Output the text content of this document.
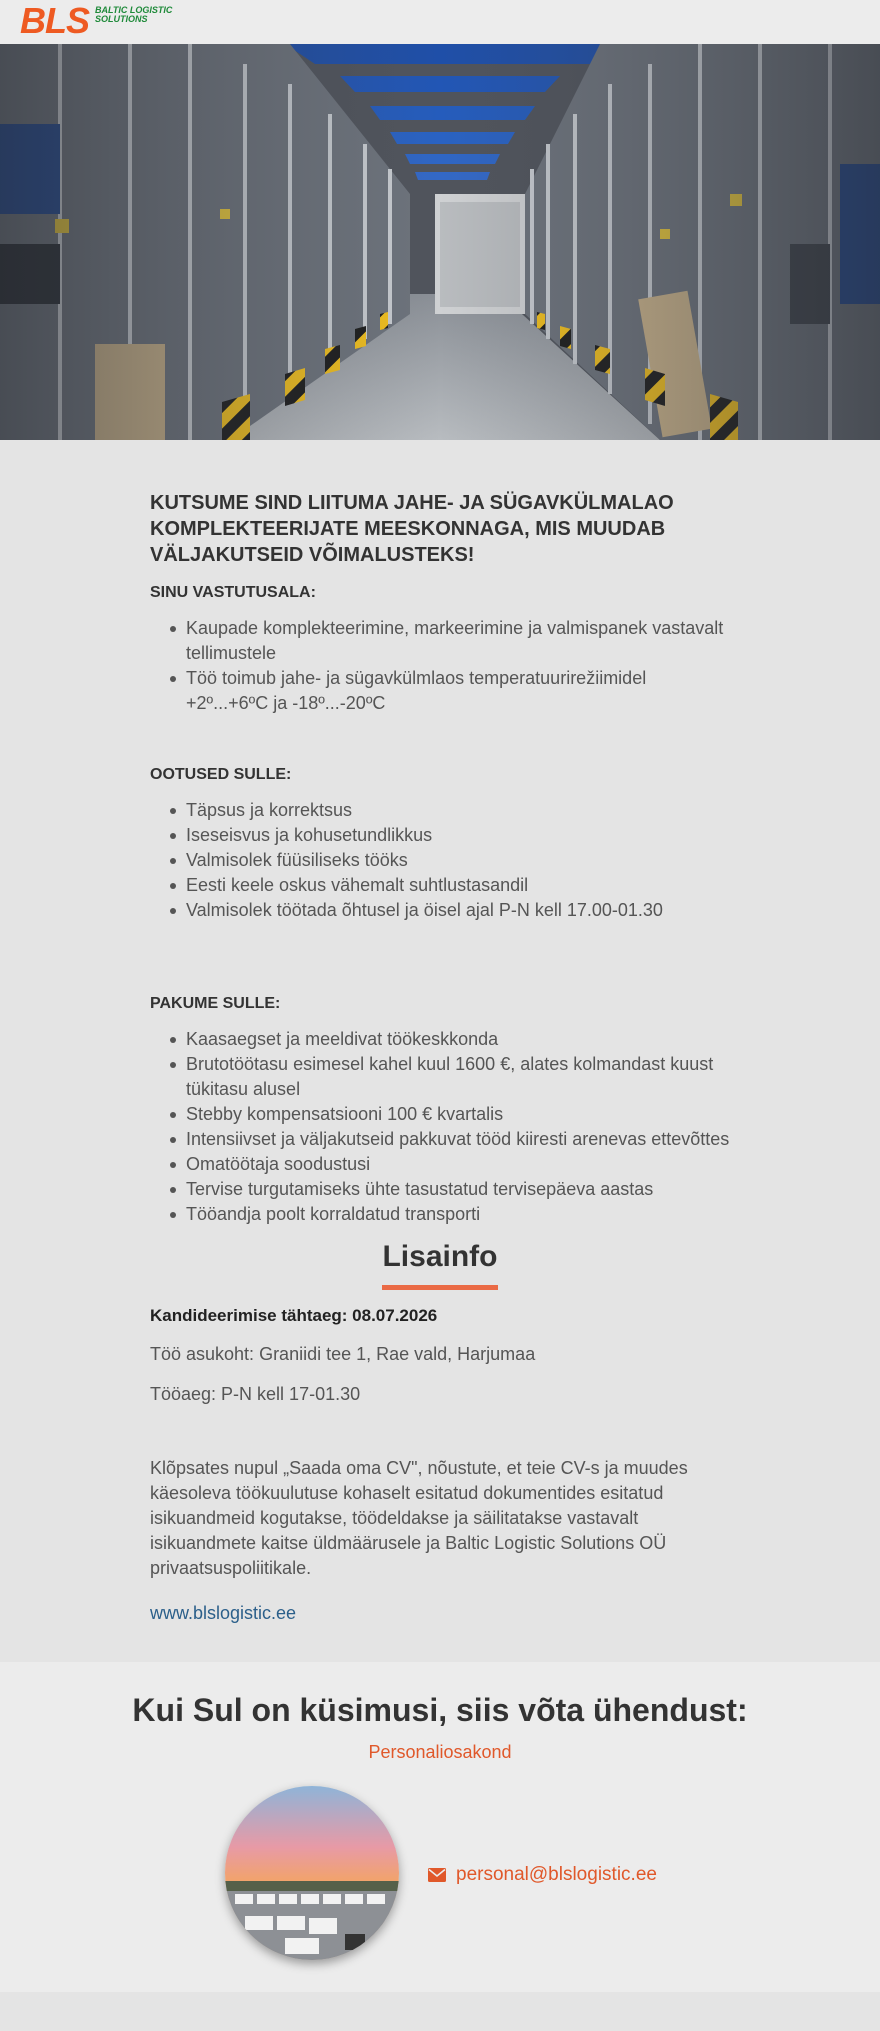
BLS BALTIC LOGISTIC
SOLUTIONS
KUTSUME SIND LIITUMA JAHE- JA SÜGAVKÜLMALAO KOMPLEKTEERIJATE MEESKONNAGA, MIS MUUDAB VÄLJAKUTSEID VÕIMALUSTEKS!
SINU VASTUTUSALA:
Kaupade komplekteerimine, markeerimine ja valmispanek vastavalt tellimustele
Töö toimub jahe- ja sügavkülmlaos temperatuurirežiimidel +2º...+6ºC ja -18º...-20ºC
OOTUSED SULLE:
Täpsus ja korrektsus
Iseseisvus ja kohusetundlikkus
Valmisolek füüsiliseks tööks
Eesti keele oskus vähemalt suhtlustasandil
Valmisolek töötada õhtusel ja öisel ajal P-N kell 17.00-01.30
PAKUME SULLE:
Kaasaegset ja meeldivat töökeskkonda
Brutotöötasu esimesel kahel kuul 1600 €, alates kolmandast kuust tükitasu alusel
Stebby kompensatsiooni 100 € kvartalis
Intensiivset ja väljakutseid pakkuvat tööd kiiresti arenevas ettevõttes
Omatöötaja soodustusi
Tervise turgutamiseks ühte tasustatud tervisepäeva aastas
Tööandja poolt korraldatud transporti
Lisainfo

Kandideerimise tähtaeg: 08.07.2026

Töö asukoht: Graniidi tee 1, Rae vald, Harjumaa

Tööaeg: P-N kell 17-01.30

Klõpsates nupul „Saada oma CV", nõustute, et teie CV-s ja muudes käesoleva töökuulutuse kohaselt esitatud dokumentides esitatud isikuandmeid kogutakse, töödeldakse ja säilitatakse vastavalt isikuandmete kaitse üldmäärusele ja Baltic Logistic Solutions OÜ privaatsuspoliitikale.

www.blslogistic.ee
Kui Sul on küsimusi, siis võta ühendust:

Personaliosakond

personal@blslogistic.ee
